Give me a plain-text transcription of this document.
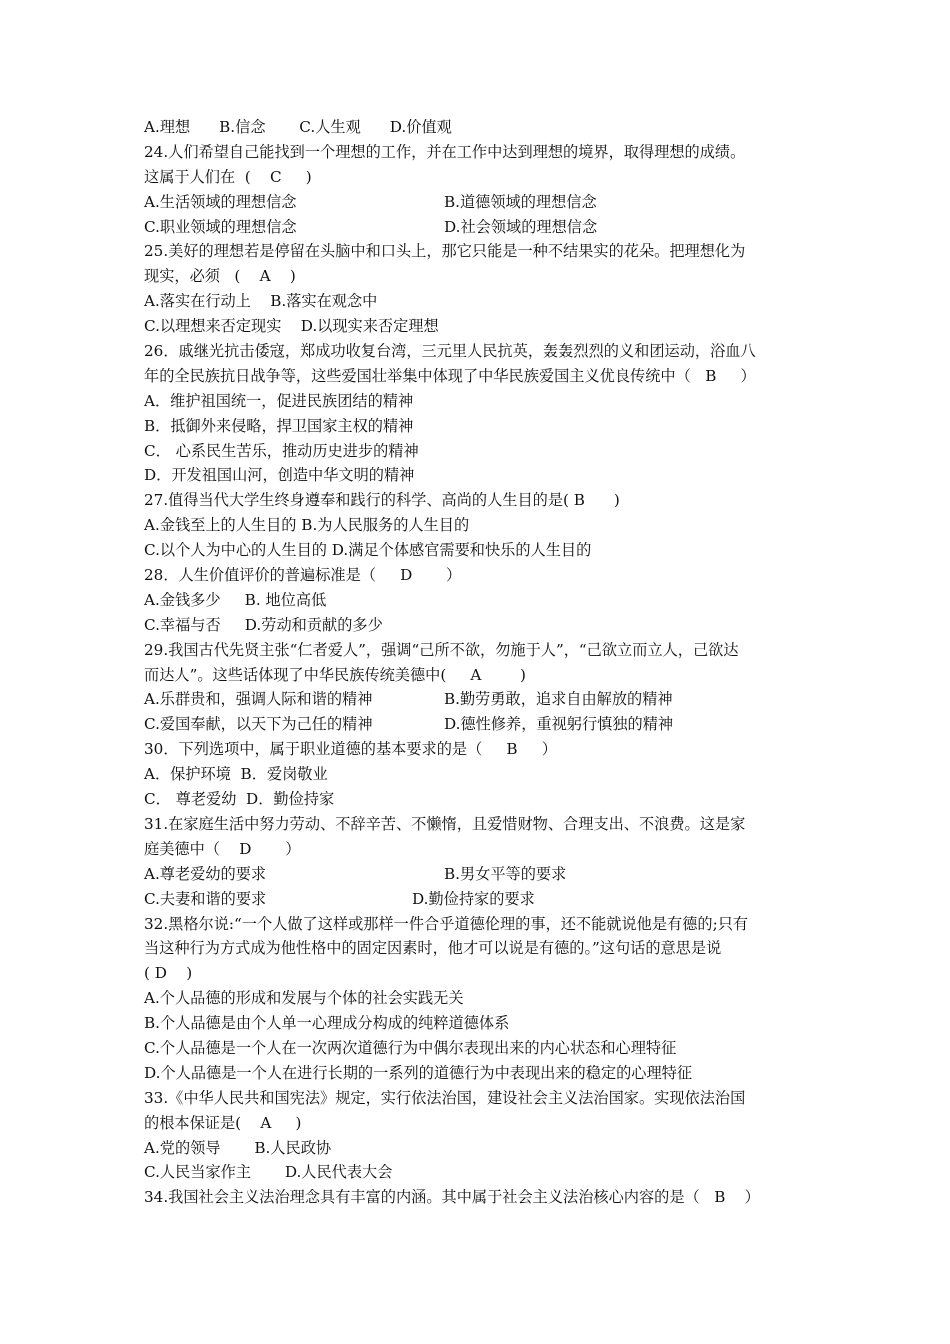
A.理想      B.信念       C.人生观      D.价值观
24.人们希望自己能找到一个理想的工作，并在工作中达到理想的境界，取得理想的成绩。
这属于人们在  (    C     )
A.生活领域的理想信念	B.道德领域的理想信念
C.职业领域的理想信念	D.社会领域的理想信念
25.美好的理想若是停留在头脑中和口头上，那它只能是一种不结果实的花朵。把理想化为
现实，必须   (    A    )
A.落实在行动上    B.落实在观念中
C.以理想来否定现实    D.以现实来否定理想
26．戚继光抗击倭寇，郑成功收复台湾，三元里人民抗英，轰轰烈烈的义和团运动，浴血八
年的全民族抗日战争等，这些爱国壮举集中体现了中华民族爱国主义优良传统中（   B     ）
A．维护祖国统一，促进民族团结的精神
B．抵御外来侵略，捍卫国家主权的精神
C． 心系民生苦乐，推动历史进步的精神
D．开发祖国山河，创造中华文明的精神
27.值得当代大学生终身遵奉和践行的科学、高尚的人生目的是( B      )
A.金钱至上的人生目的 B.为人民服务的人生目的
C.以个人为中心的人生目的 D.满足个体感官需要和快乐的人生目的
28．人生价值评价的普遍标准是（     D       ）
A.金钱多少     B. 地位高低
C.幸福与否     D.劳动和贡献的多少
29.我国古代先贤主张“仁者爱人”，强调“己所不欲，勿施于人”，“己欲立而立人，己欲达
而达人”。这些话体现了中华民族传统美德中(     A        )
A.乐群贵和，强调人际和谐的精神	B.勤劳勇敢，追求自由解放的精神
C.爱国奉献，以天下为己任的精神	D.德性修养，重视躬行慎独的精神
30．下列选项中，属于职业道德的基本要求的是（     B     ）
A．保护环境  B．爱岗敬业
C． 尊老爱幼  D．勤俭持家
31.在家庭生活中努力劳动、不辞辛苦、不懒惰，且爱惜财物、合理支出、不浪费。这是家
庭美德中（    D       ）
A.尊老爱幼的要求	B.男女平等的要求
C.夫妻和谐的要求	D.勤俭持家的要求
32.黑格尔说:“一个人做了这样或那样一件合乎道德伦理的事，还不能就说他是有德的;只有
当这种行为方式成为他性格中的固定因素时，他才可以说是有德的。”这句话的意思是说
( D    )
A.个人品德的形成和发展与个体的社会实践无关
B.个人品德是由个人单一心理成分构成的纯粹道德体系
C.个人品德是一个人在一次两次道德行为中偶尔表现出来的内心状态和心理特征
D.个人品德是一个人在进行长期的一系列的道德行为中表现出来的稳定的心理特征
33.《中华人民共和国宪法》规定，实行依法治国，建设社会主义法治国家。实现依法治国
的根本保证是(    A     )
A.党的领导       B.人民政协
C.人民当家作主       D.人民代表大会
34.我国社会主义法治理念具有丰富的内涵。其中属于社会主义法治核心内容的是（   B    ）
